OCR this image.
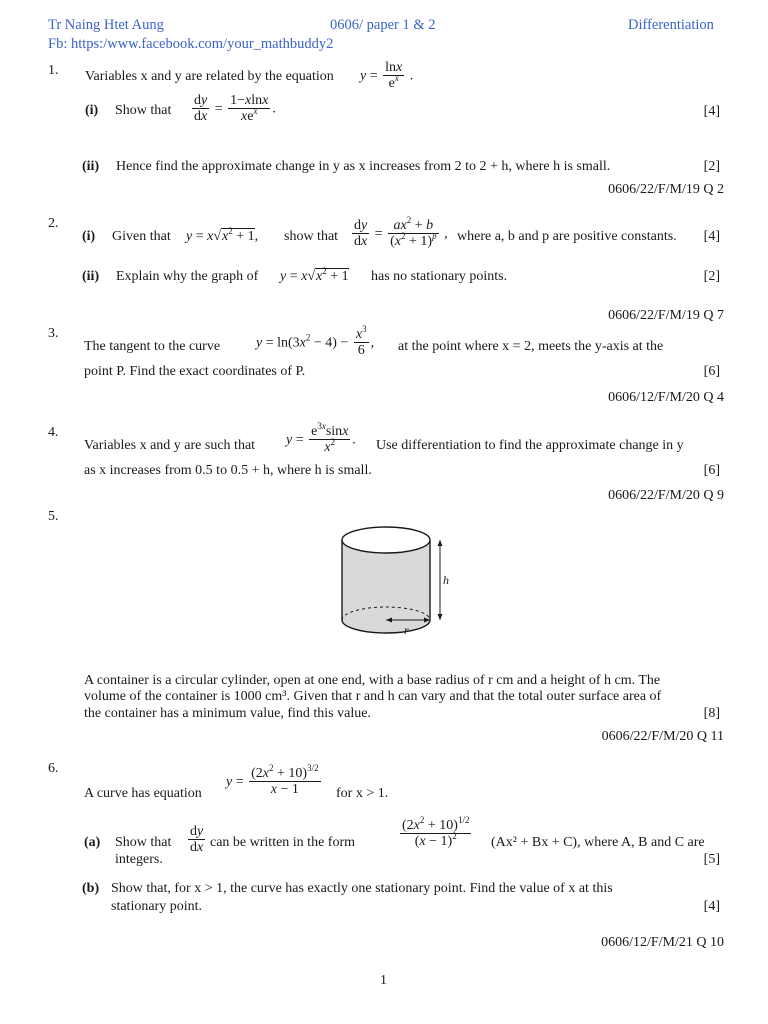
Tr Naing Htet Aung	0606/ paper 1 & 2	Differentiation
Fb: https:/www.facebook.com/your_mathbuddy2
1. Variables x and y are related by the equation $y = \frac{\ln x}{e^x}$ .
(i) Show that $\frac{dy}{dx} = \frac{1-xlnx}{xe^x}$ .	[4]
(ii) Hence find the approximate change in y as x increases from 2 to 2 + h, where h is small.	[2]
0606/22/F/M/19 Q 2
2.
(i) Given that $y = x√x^2 + 1$, show that $\frac{dy}{dx} = \frac{ax^2 + b}{(x^2 + 1)^p}$ , where a, b and p are positive constants. [4]
(ii) Explain why the graph of $y = x√x^2 + 1$ has no stationary points.	[2]
0606/22/F/M/19 Q 7
3.
The tangent to the curve	$y = \ln(3x^2 - 4) - \frac{x^3}{6}$ , at the point where x = 2, meets the y-axis at the
point P. Find the exact coordinates of P.	[6]
0606/12/F/M/20 Q 4
4.
Variables x and y are such that $y = \frac{e^{3x}\sin x}{x^2}$ . Use differentiation to find the approximate change in y
as x increases from 0.5 to 0.5 + h, where h is small.	[6]
0606/22/F/M/20 Q 9
5.
h
r
A container is a circular cylinder, open at one end, with a base radius of r cm and a height of h cm. The
volume of the container is 1000 cm³. Given that r and h can vary and that the total outer surface area of
the container has a minimum value, find this value.	[8]
0606/22/F/M/20 Q 11
6.
A curve has equation
$y = \frac{(2x^2 + 10)^{3/2}}{x - 1}$ for x > 1.
(a) Show that $\frac{dy}{dx}$ can be written in the form	$\frac{(2x^2 + 10)^{1/2}}{(x - 1)^2} (Ax^2 + Bx + C)$, where A, B and C are
integers.	[5]
(b) Show that, for x > 1, the curve has exactly one stationary point. Find the value of x at this
stationary point.	[4]
0606/12/F/M/21 Q 10
1
